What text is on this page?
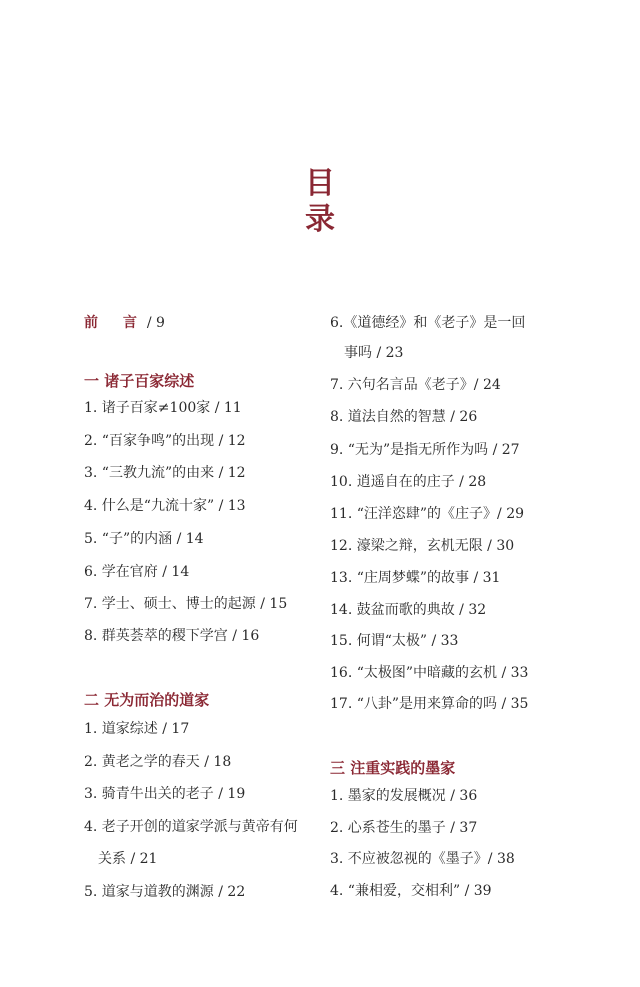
目
录
前 言/ 9
一 诸子百家综述
1. 诸子百家≠100家 / 11
2. “百家争鸣”的出现 / 12
3. “三教九流”的由来 / 12
4. 什么是“九流十家” / 13
5. “子”的内涵 / 14
6. 学在官府 / 14
7. 学士、硕士、博士的起源 / 15
8. 群英荟萃的稷下学宫 / 16
二 无为而治的道家
1. 道家综述 / 17
2. 黄老之学的春天 / 18
3. 骑青牛出关的老子 / 19
4. 老子开创的道家学派与黄帝有何
关系 / 21
5. 道家与道教的渊源 / 22
6.《道德经》和《老子》是一回
事吗 / 23
7. 六句名言品《老子》/ 24
8. 道法自然的智慧 / 26
9. “无为”是指无所作为吗 / 27
10. 逍遥自在的庄子 / 28
11. “汪洋恣肆”的《庄子》/ 29
12. 濠梁之辩，玄机无限 / 30
13. “庄周梦蝶”的故事 / 31
14. 鼓盆而歌的典故 / 32
15. 何谓“太极” / 33
16. “太极图”中暗藏的玄机 / 33
17. “八卦”是用来算命的吗 / 35
三 注重实践的墨家
1. 墨家的发展概况 / 36
2. 心系苍生的墨子 / 37
3. 不应被忽视的《墨子》/ 38
4. “兼相爱，交相利” / 39
